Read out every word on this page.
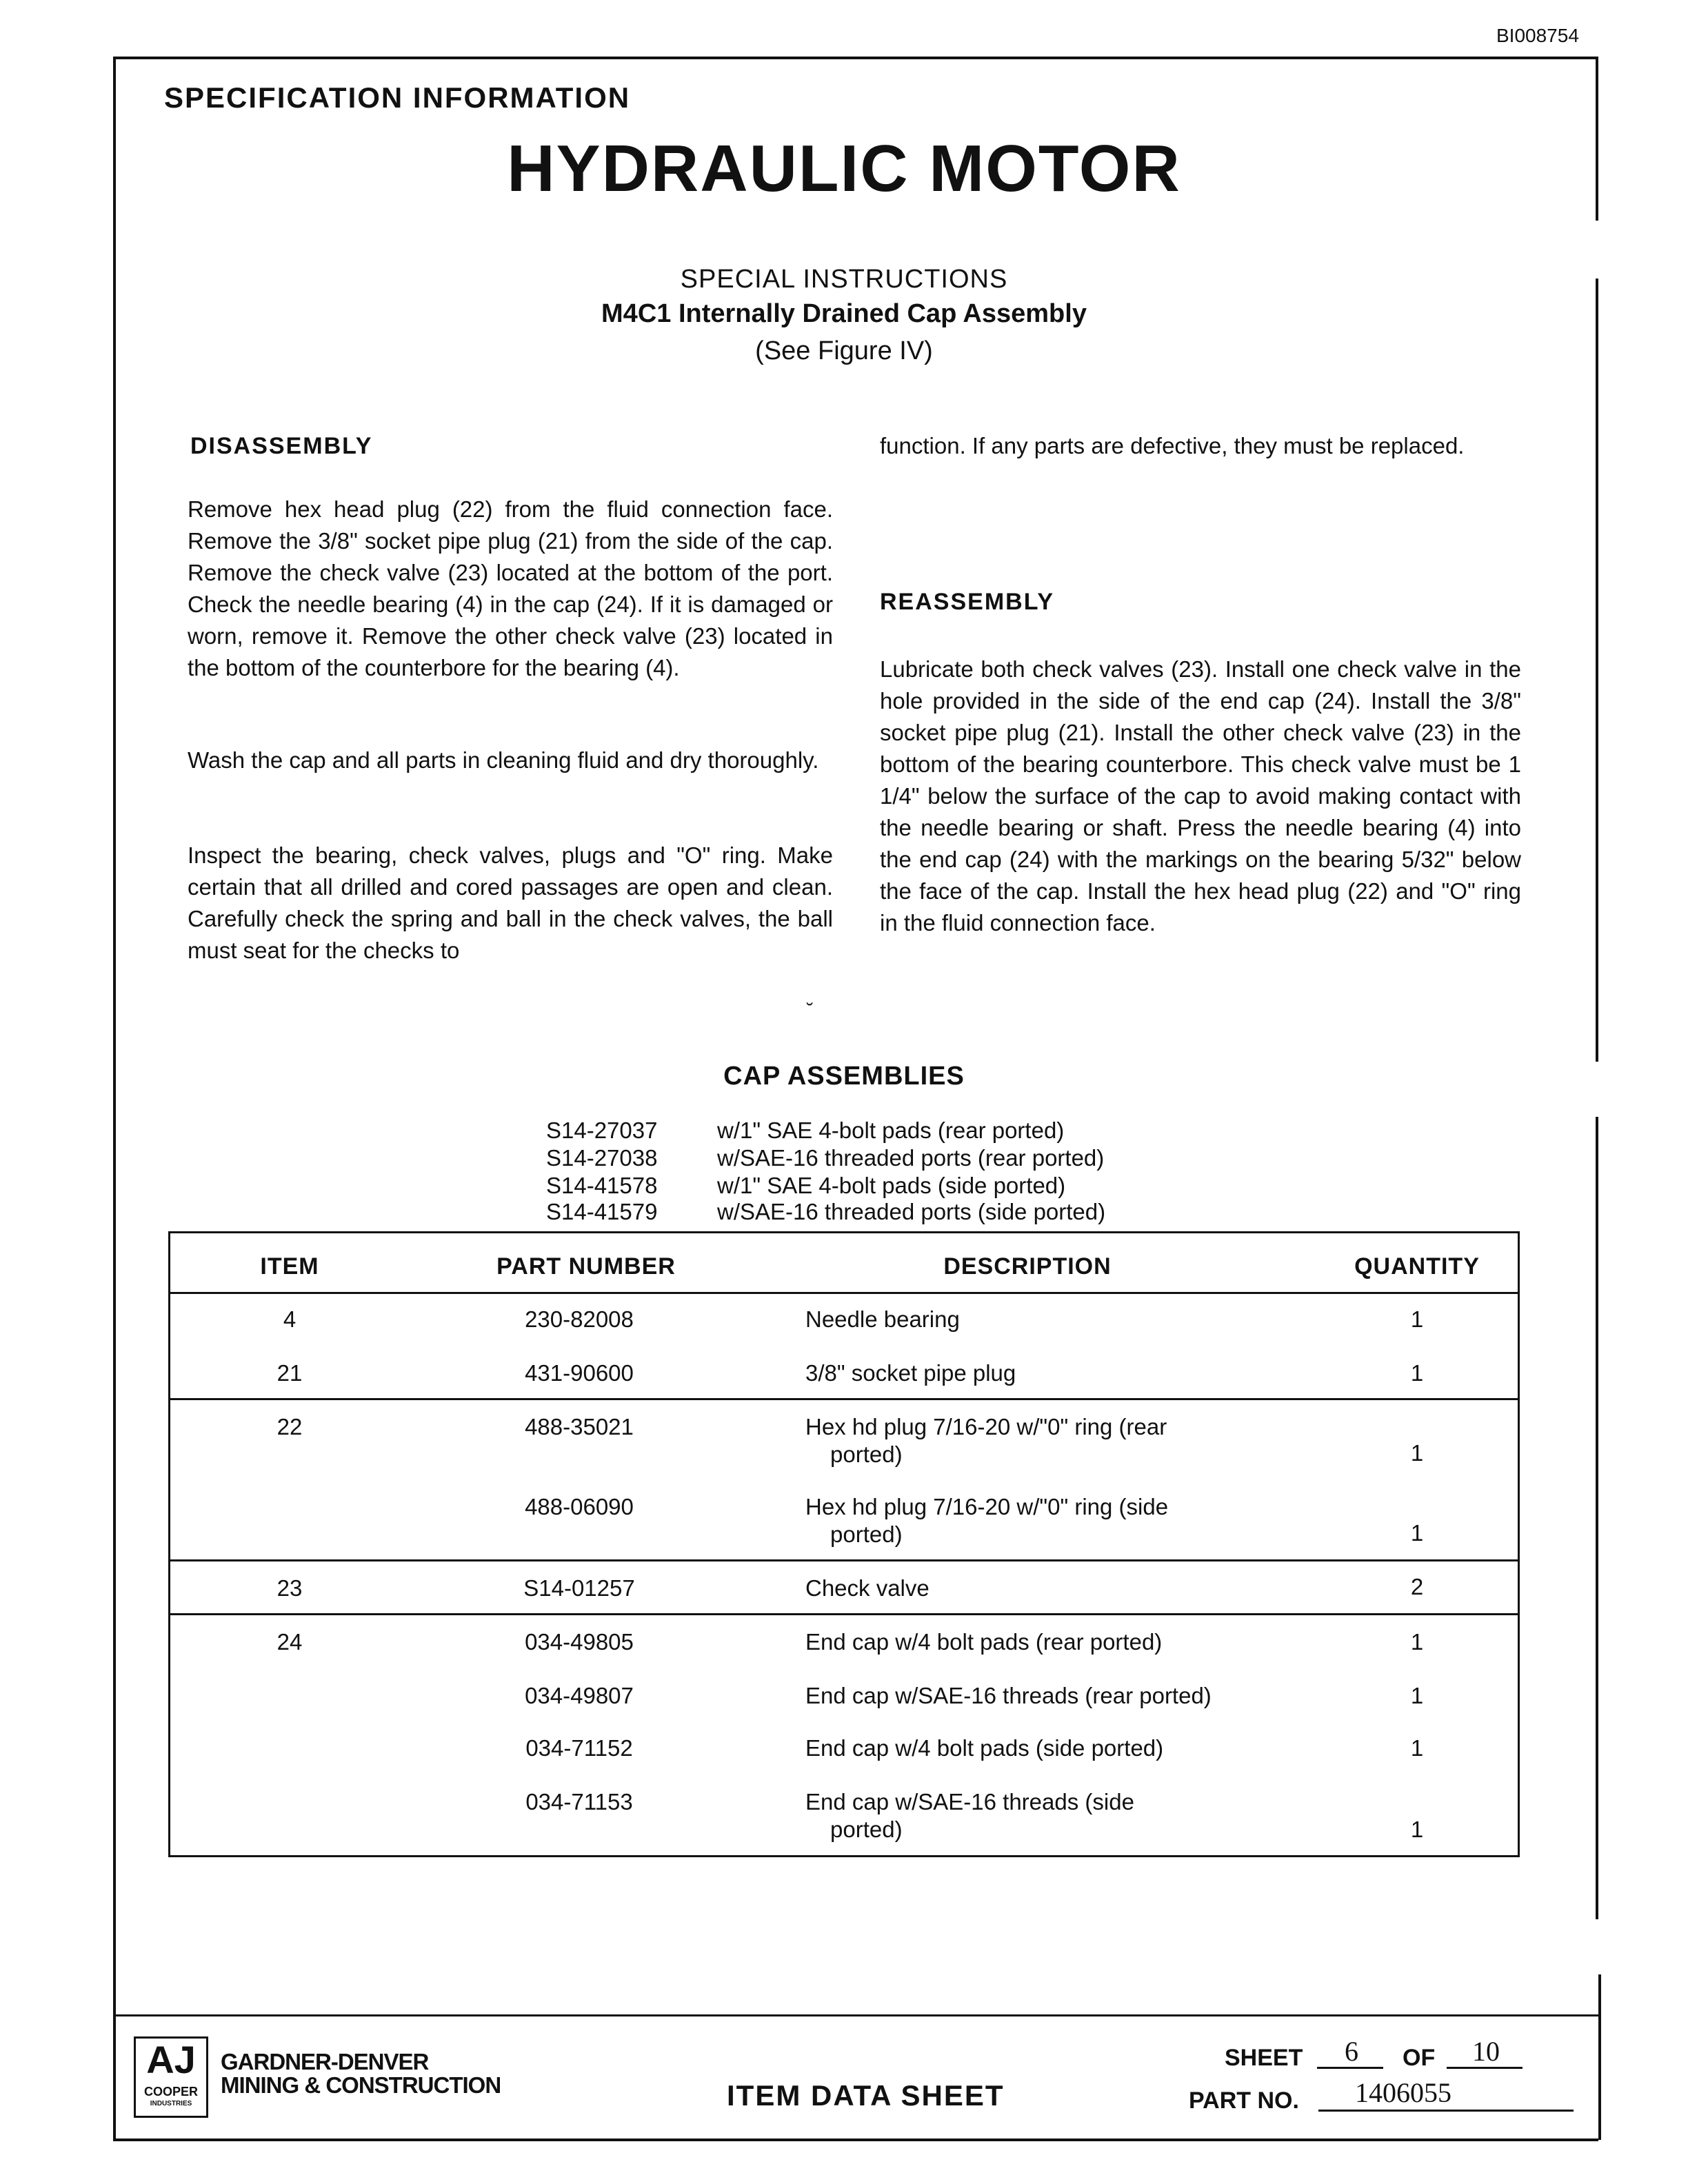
BI008754
SPECIFICATION INFORMATION
HYDRAULIC MOTOR
SPECIAL INSTRUCTIONS
M4C1 Internally Drained Cap Assembly
(See Figure IV)
DISASSEMBLY
Remove hex head plug (22) from the fluid connection face. Remove the 3/8" socket pipe plug (21) from the side of the cap. Remove the check valve (23) located at the bottom of the port. Check the needle bearing (4) in the cap (24). If it is damaged or worn, remove it. Remove the other check valve (23) located in the bottom of the counterbore for the bearing (4).
Wash the cap and all parts in cleaning fluid and dry thoroughly.
Inspect the bearing, check valves, plugs and "O" ring. Make certain that all drilled and cored passages are open and clean. Carefully check the spring and ball in the check valves, the ball must seat for the checks to
function. If any parts are defective, they must be replaced.
REASSEMBLY
Lubricate both check valves (23). Install one check valve in the hole provided in the side of the end cap (24). Install the 3/8" socket pipe plug (21). Install the other check valve (23) in the bottom of the bearing counterbore. This check valve must be 1 1/4" below the surface of the cap to avoid making contact with the needle bearing or shaft. Press the needle bearing (4) into the end cap (24) with the markings on the bearing 5/32" below the face of the cap. Install the hex head plug (22) and "O" ring in the fluid connection face.
˘
CAP ASSEMBLIES
S14-27037	w/1" SAE 4-bolt pads (rear ported)
S14-27038	w/SAE-16 threaded ports (rear ported)
S14-41578	w/1" SAE 4-bolt pads (side ported)
S14-41579	w/SAE-16 threaded ports (side ported)
ITEM	PART NUMBER	DESCRIPTION	QUANTITY
4	230-82008	Needle bearing	1
21	431-90600	3/8" socket pipe plug	1
22	488-35021	Hex hd plug 7/16-20 w/"0" ring (rear
ported)	1
488-06090	Hex hd plug 7/16-20 w/"0" ring (side
ported)	1
23	S14-01257	Check valve	2
24	034-49805	End cap w/4 bolt pads (rear ported)	1
034-49807	End cap w/SAE-16 threads (rear ported)	1
034-71152	End cap w/4 bolt pads (side ported)	1
034-71153	End cap w/SAE-16 threads (side
ported)	1
AJ
COOPER
INDUSTRIES
GARDNER-DENVER
MINING & CONSTRUCTION	ITEM DATA SHEET
SHEET	6	OF	10
PART NO.	1406055
